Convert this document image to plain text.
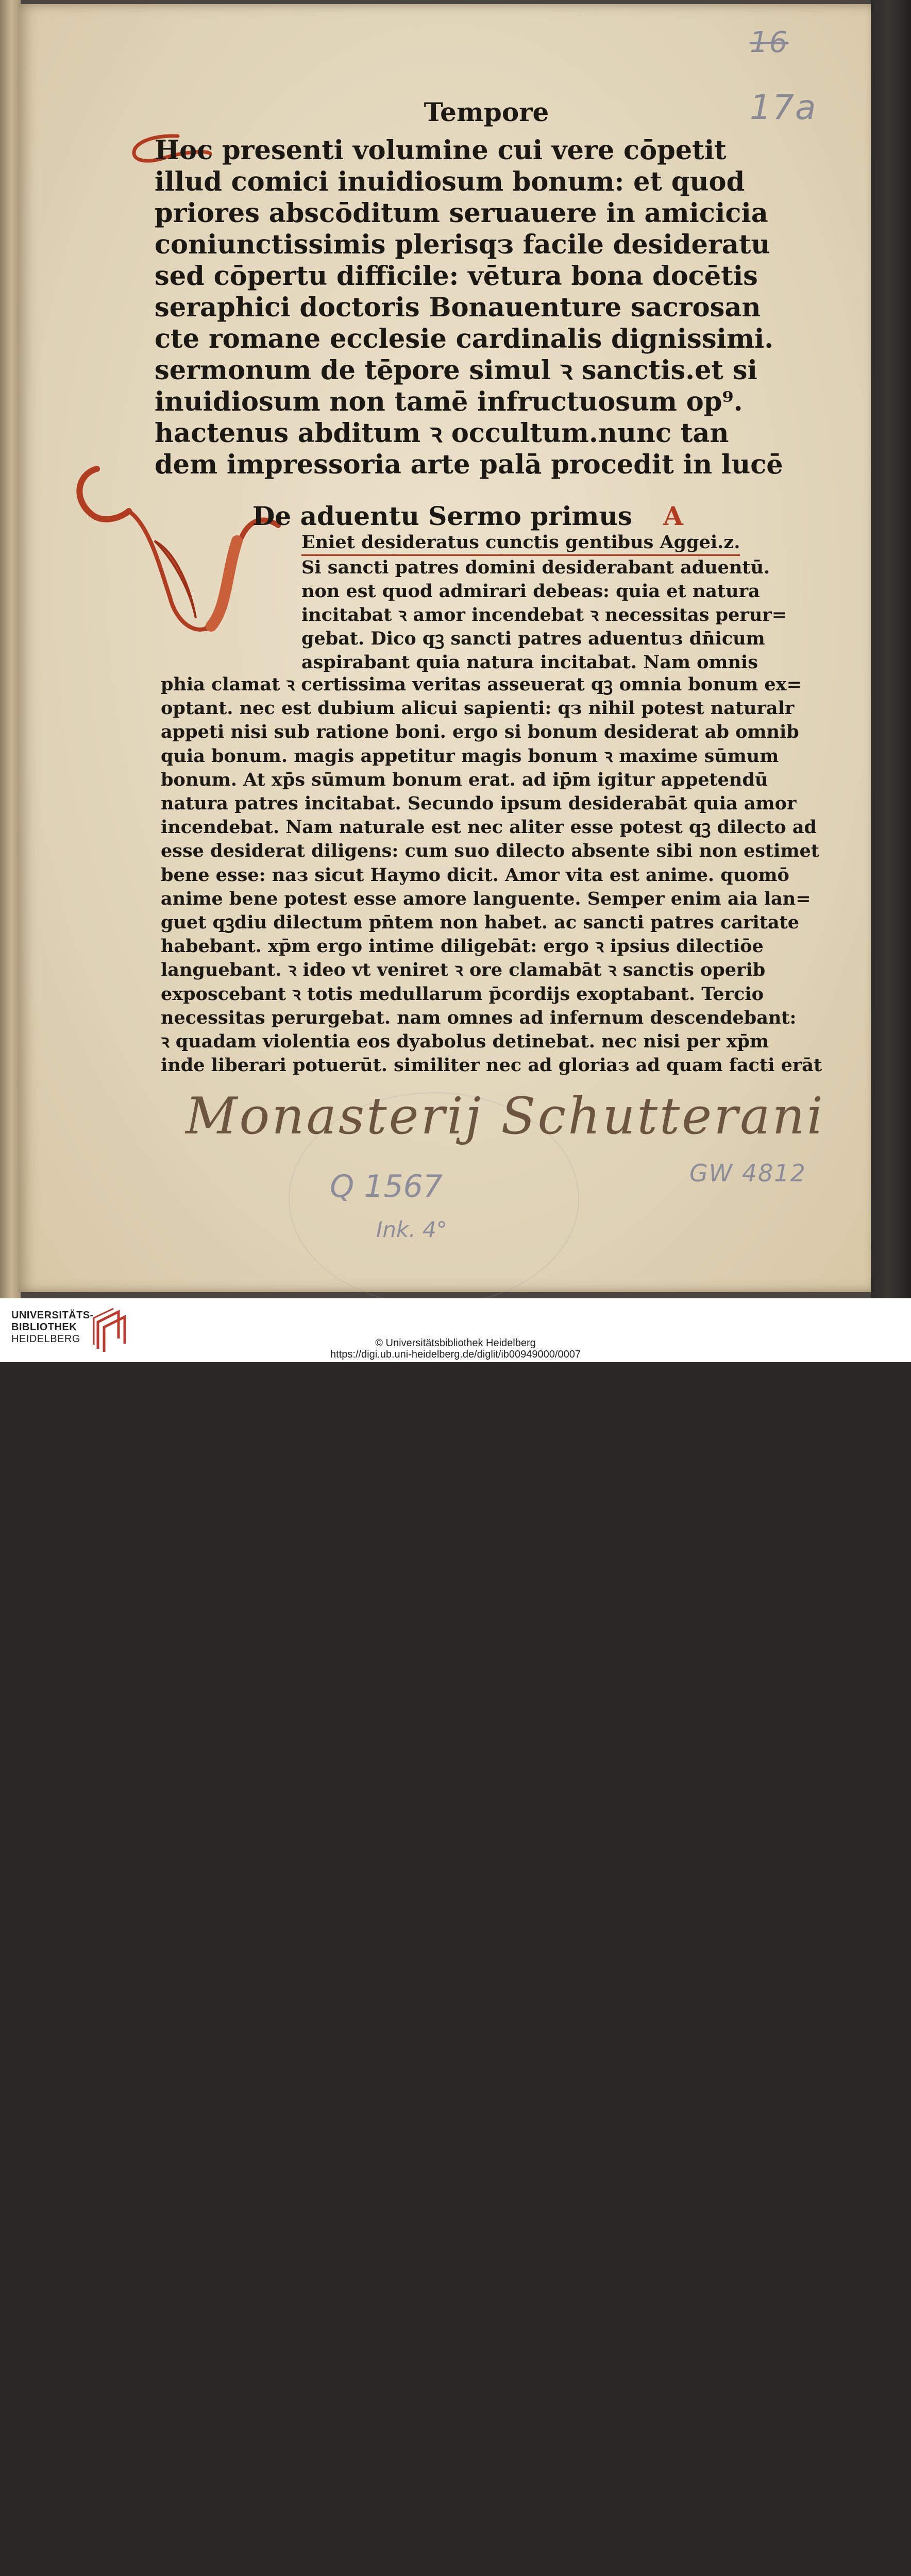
16
17a
Tempore
Hoc presenti volumine cui vere cōpetit
illud comici inuidiosum bonum: et quod
priores abscōditum seruauere in amicicia
coniunctissimis plerisqз facile desideratu
sed cōpertu difficile: vētura bona docētis
seraphici doctoris Bonauenture sacrosan
cte romane ecclesie cardinalis dignissimi.
sermonum de tēpore simul ꝛ sanctis.et si
inuidiosum non tamē infructuosum op⁹.
hactenus abditum ꝛ occultum.nunc tan
dem impressoria arte palā procedit in lucē
De aduentu Sermo primus A
Eniet desideratus cunctis gentibus Aggei.z.
Si sancti patres domini desiderabant aduentū.
non est quod admirari debeas: quia et natura
incitabat ꝛ amor incendebat ꝛ necessitas perur=
gebat. Dico qꝫ sancti patres aduentuз dn̄icum
aspirabant quia natura incitabat. Nam omnis
phia clamat ꝛ certissima veritas asseuerat qꝫ omnia bonum ex=
optant. nec est dubium alicui sapienti: qз nihil potest naturalr
appeti nisi sub ratione boni. ergo si bonum desiderat ab omnib
quia bonum. magis appetitur magis bonum ꝛ maxime sūmum
bonum. At xp̄s sūmum bonum erat. ad ip̄m igitur appetendū
natura patres incitabat. Secundo ipsum desiderabāt quia amor
incendebat. Nam naturale est nec aliter esse potest qꝫ dilecto ad
esse desiderat diligens: cum suo dilecto absente sibi non estimet
bene esse: naз sicut Haymo dicit. Amor vita est anime. quomō
anime bene potest esse amore languente. Semper enim aia lan=
guet qꝫdiu dilectum pn̄tem non habet. ac sancti patres caritate
habebant. xp̄m ergo intime diligebāt: ergo ꝛ ipsius dilectiōe
languebant. ꝛ ideo vt veniret ꝛ ore clamabāt ꝛ sanctis operib
exposcebant ꝛ totis medullarum p̄cordijs exoptabant. Tercio
necessitas perurgebat. nam omnes ad infernum descendebant:
ꝛ quadam violentia eos dyabolus detinebat. nec nisi per xp̄m
inde liberari potuerūt. similiter nec ad gloriaз ad quam facti erāt
Monasterij Schutterani
GW 4812
Q 1567
Ink. 4°
UNIVERSITÄTS-
BIBLIOTHEK
HEIDELBERG	© Universitätsbibliothek Heidelberg
https://digi.ub.uni-heidelberg.de/diglit/ib00949000/0007
